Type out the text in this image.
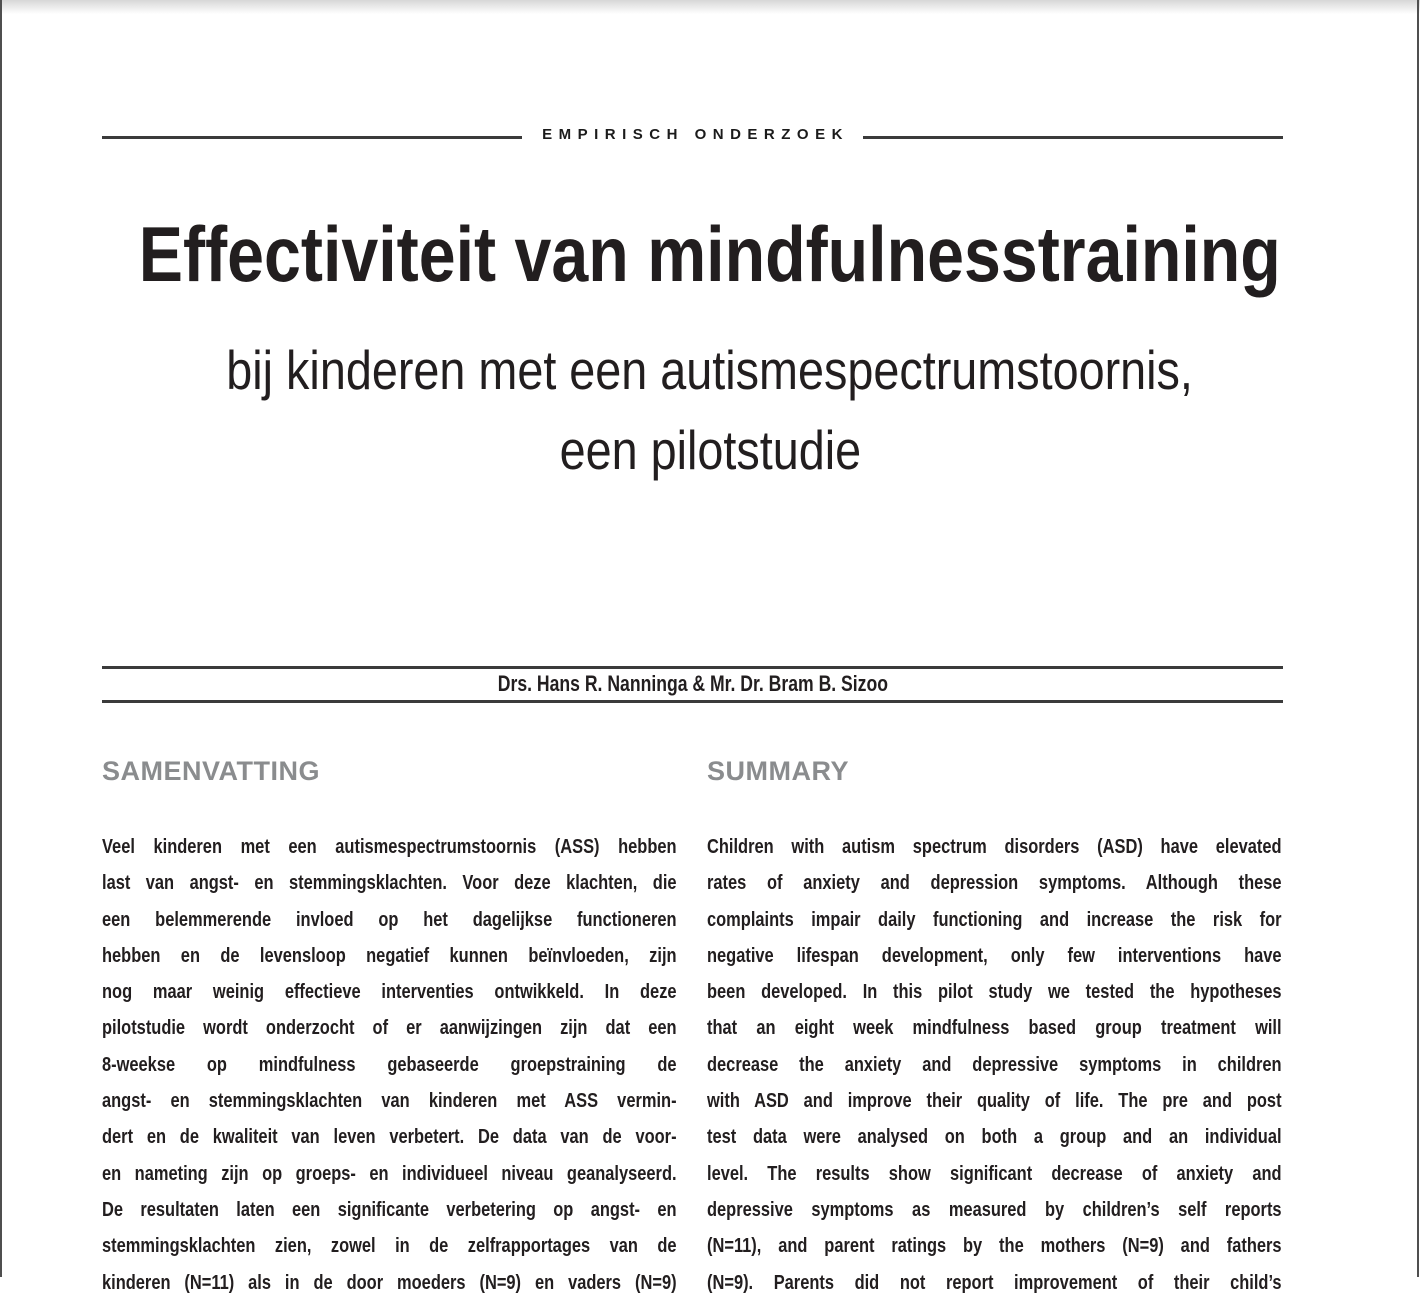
EMPIRISCH ONDERZOEK
Effectiviteit van mindfulnesstraining
bij kinderen met een autismespectrumstoornis,
een pilotstudie
Drs. Hans R. Nanninga & Mr. Dr. Bram B. Sizoo
SAMENVATTING
Veel kinderen met een autismespectrumstoornis (ASS) hebben
last van angst- en stemmingsklachten. Voor deze klachten, die
een belemmerende invloed op het dagelijkse functioneren
hebben en de levensloop negatief kunnen beïnvloeden, zijn
nog maar weinig effectieve interventies ontwikkeld. In deze
pilotstudie wordt onderzocht of er aanwijzingen zijn dat een
8-weekse op mindfulness gebaseerde groepstraining de
angst- en stemmingsklachten van kinderen met ASS vermin-
dert en de kwaliteit van leven verbetert. De data van de voor-
en nameting zijn op groeps- en individueel niveau geanalyseerd.
De resultaten laten een significante verbetering op angst- en
stemmingsklachten zien, zowel in de zelfrapportages van de
kinderen (N=11) als in de door moeders (N=9) en vaders (N=9)
SUMMARY
Children with autism spectrum disorders (ASD) have elevated
rates of anxiety and depression symptoms. Although these
complaints impair daily functioning and increase the risk for
negative lifespan development, only few interventions have
been developed. In this pilot study we tested the hypotheses
that an eight week mindfulness based group treatment will
decrease the anxiety and depressive symptoms in children
with ASD and improve their quality of life. The pre and post
test data were analysed on both a group and an individual
level. The results show significant decrease of anxiety and
depressive symptoms as measured by children’s self reports
(N=11), and parent ratings by the mothers (N=9) and fathers
(N=9). Parents did not report improvement of their child’s
